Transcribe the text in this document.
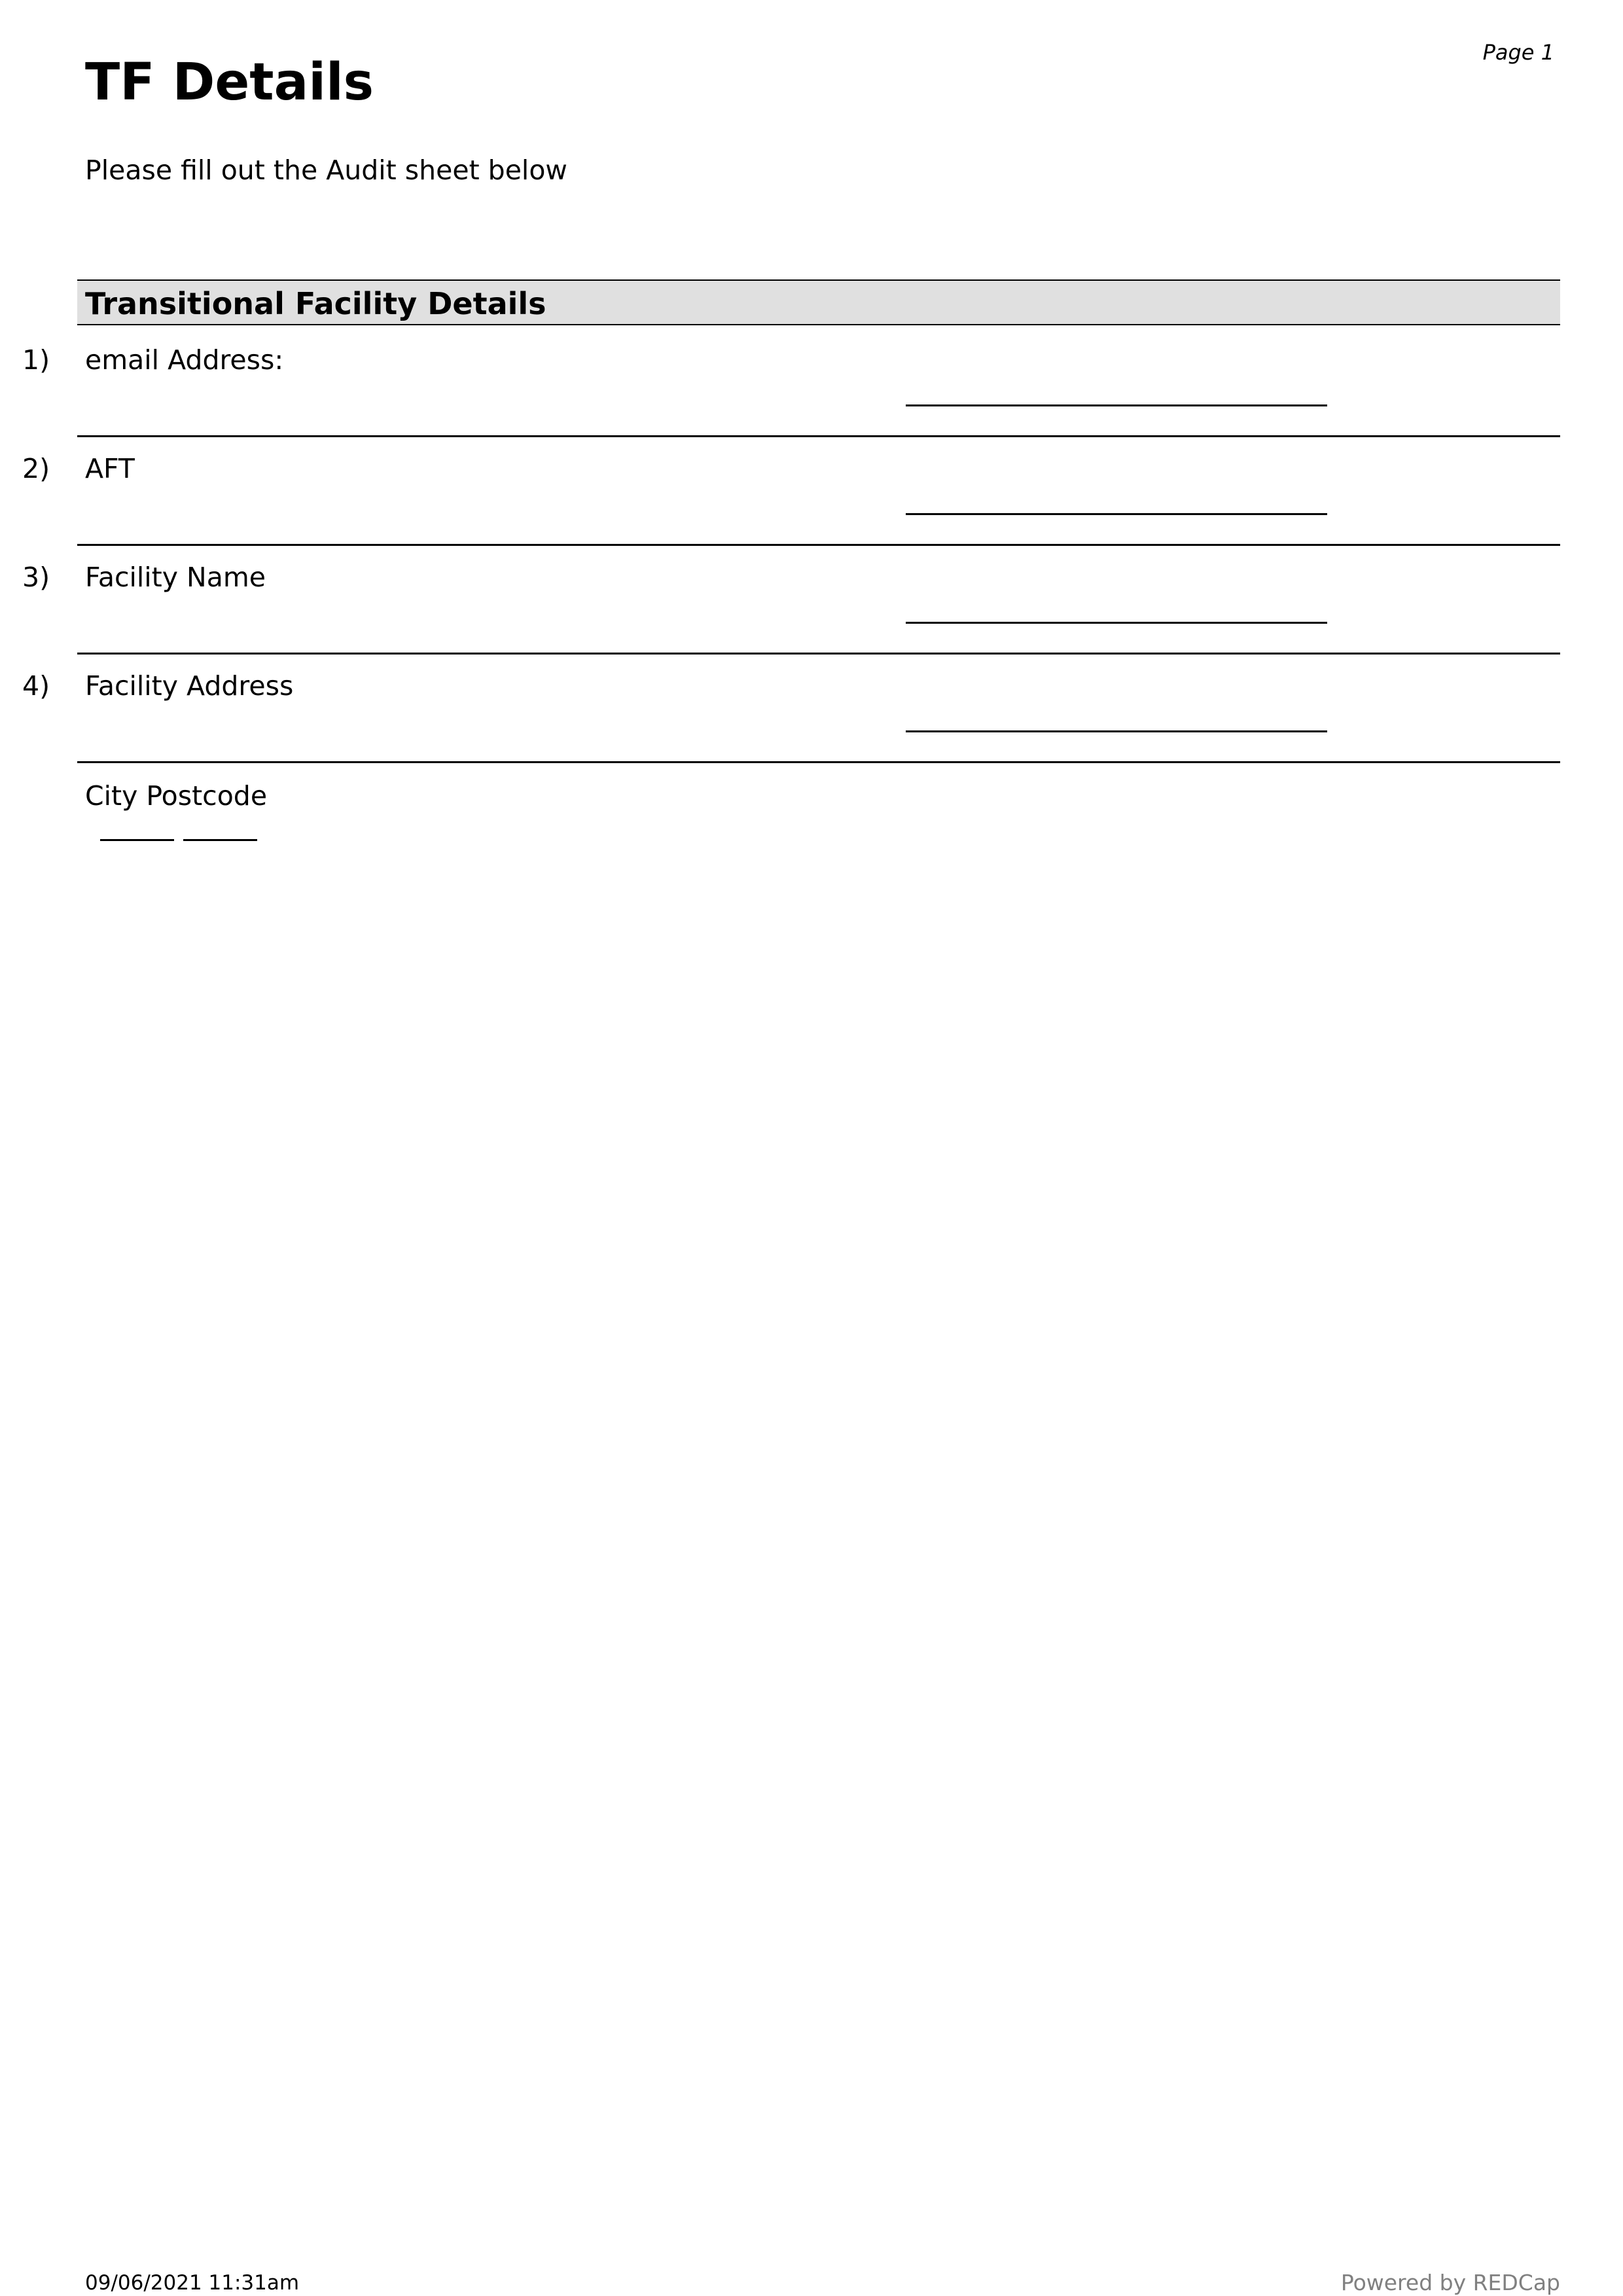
Page 1
TF Details
Please fill out the Audit sheet below
Transitional Facility Details
1) email Address:
2) AFT
3) Facility Name
4) Facility Address
City Postcode
09/06/2021 11:31am	Powered by REDCap
